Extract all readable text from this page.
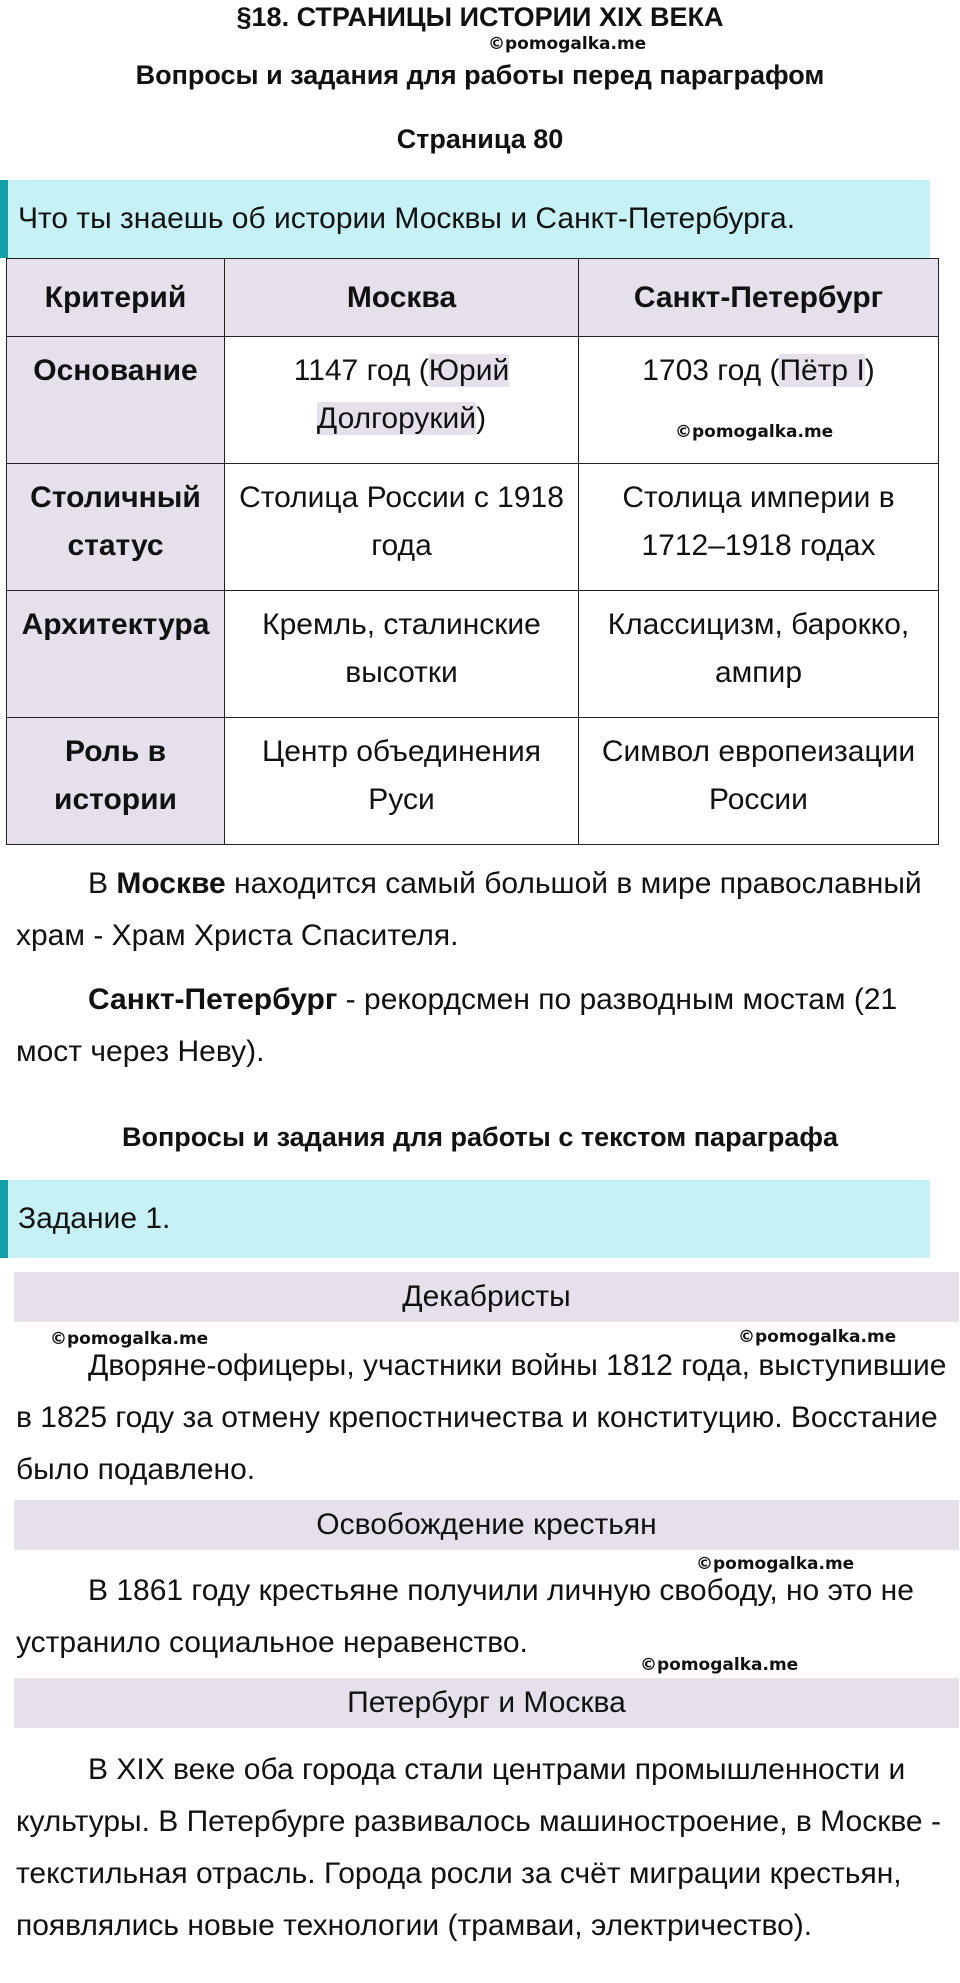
§18. СТРАНИЦЫ ИСТОРИИ XIX ВЕКА
©pomogalka.me
Вопросы и задания для работы перед параграфом
Страница 80
Что ты знаешь об истории Москвы и Санкт-Петербурга.
Критерий	Москва	Санкт-Петербург
Основание	1147 год (Юрий Долгорукий)	1703 год (Пётр I)
©pomogalka.me

Столичный статус	Столица России с 1918 года	Столица империи в 1712–1918 годах
Архитектура	Кремль, сталинские высотки	Классицизм, барокко, ампир
Роль в истории	Центр объединения Руси	Символ европеизации России
В Москве находится самый большой в мире православный храм - Храм Христа Спасителя.
Санкт-Петербург - рекордсмен по разводным мостам (21 мост через Неву).
Вопросы и задания для работы с текстом параграфа
Задание 1.
Декабристы
©pomogalka.me	©pomogalka.me
Дворяне-офицеры, участники войны 1812 года, выступившие в 1825 году за отмену крепостничества и конституцию. Восстание было подавлено.
Освобождение крестьян
©pomogalka.me
В 1861 году крестьяне получили личную свободу, но это не устранило социальное неравенство.
©pomogalka.me
Петербург и Москва
В XIX веке оба города стали центрами промышленности и культуры. В Петербурге развивалось машиностроение, в Москве - текстильная отрасль. Города росли за счёт миграции крестьян, появлялись новые технологии (трамваи, электричество).
